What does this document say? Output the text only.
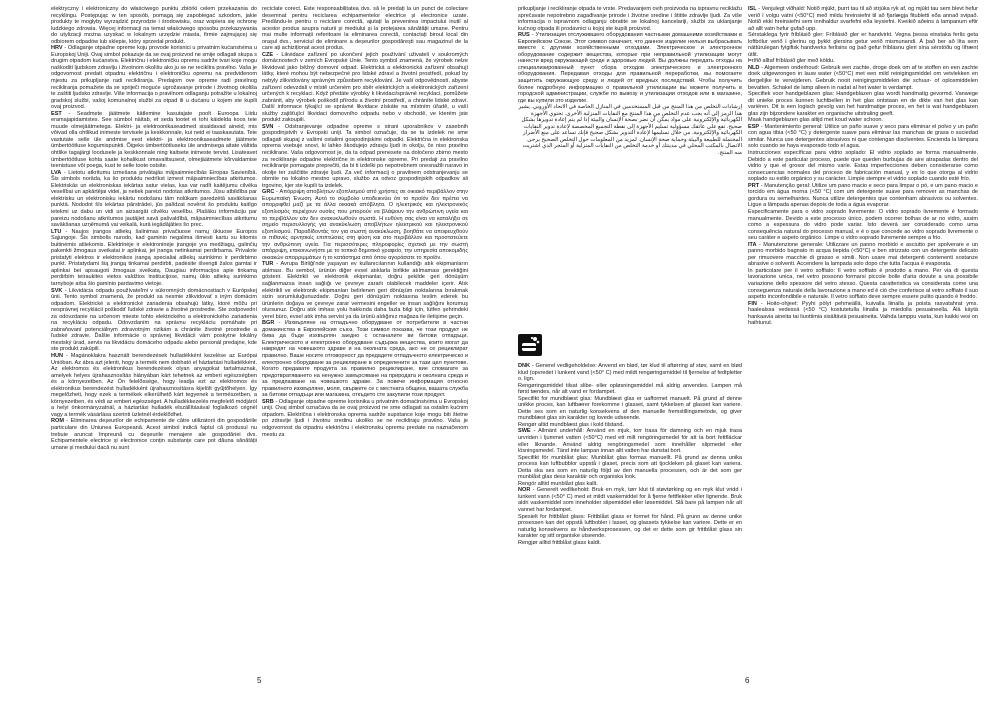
elektryczny i elektroniczny do właściwego punktu zbiórki celem przekazania do recyklingu. Postępując w ten sposób, pomagą się zapobiegać szkodom, jakie produkty te mogłyby wyrządzić przyrodzie i środowisku, oraz wspiera się ochronę ludzkiego zdrowia. Więcej informacji na temat właściwego sposobu przekazywania do utylizacji można uzyskać w lokalnym urzędzie miasta, firmie zajmującej się odbiorem odpadów lub sklepie, który sprzedał produkt.

HRV - Odlaganje otpadne opreme koju provode korisnici u privatnim kućanstvima u Europskoj Uniji. Ovaj simbol pokazuje da se ovaj proizvod ne smije odlagati skupa s drugim otpadom kućanstva. Električnu i elektroničku opremu sadrže tvari koje mogu naškoditi ljudskom zdravlju i životnom okolišu ako ju se ne reciklira pravilno. Vaša je odgovornost predati otpadnu električnu i elektroničku opremu na predviđenom mjestu za prikupljanje radi recikliranja. Predajom ove opreme radi pravilnog recikliranja pomažete da se spriječi moguće ugrožavanje prirode i životnog okoliša te zaštiti ljudsko zdravlje. Više informacija o pravilnom odlaganju potražite u lokalnoj gradskoj službi, vašoj komunalnoj službi za otpad ili u dućanu u kojem ste kupili ovaj proizvod.

EST - Seadmete jäätmete kätlemine kasutajate poolt Euroopa Liidu eramajapidamistes. See sümbol näitab, et seda tootet ei tohi käidelda koos teie muude olmejäätmetega. Elektri- ja elektroonikaseadmed sisaldavad aineid, mis võivad olla ohtlikud inimeste tervisele ja keskkonnale, kui neid ei taaskasutata. Teie vastutate selle üle andmise eest elektri- ja elektroonikaseadmete jäätmete ümbertöötluse kogumispunkti. Õigeks ümbertöötluseks üle andmisega aitate vältida ohtlike tagajärgi loodusele ja keskkonnale ning kaitsete inimeste tervist. Lisateavet ümbertöötluse kohta saate kohalikust omavalitsusest, olmejäätmete kõrvaldamise teenistuse või poega, kust te selle toote ostsite.

LVA - Lietotu atkritumu izmešana privātajās mājsaimniecībās Eiropas Savienībā. Šis simbols norāda, ka šo produktu nedrīkst izmest mājsaimniecības atkritumos. Elektriskās un elektroniskas iekārtas satur vielas, kas var radīt kaitējumu cilvēka veselībai un apkārtējai videi, ja netiek pareizi nodotas atkritumos. Jūsu atbildība par elektrisku un elektronisku iekārtu nodošanu tām nolūkam paredzētā savākšanas punktā. Nododot šīs iekārtas pārstrādei, jūs palīdzat novērst šo produktu kaitīgo ietekmi uz dabu un vidi un aizsargāt cilvēku veselību. Plašāku informāciju par pareizu nodošanu atkritumos jautājiet savā pašvaldībā, mājsaimniecības atkritumu savākšanas uzņēmumā vai veikalā, kurā iegādājāties šo prec.

LTU - Naujos įrangos atliekų šalinimas privačiuose namų ūkiuose Europos Sąjungoje. Šis simbolis nurodo, kad gaminio negalima išmesti kartu su kitomis buitinėmis atliekomis. Elektrinėje ir elektroninėje įrangoje yra medžiagų, galinčių pakenkti žmogaus sveikatai ir aplinkai, jei įranga netinkamai perdirbama. Privalote pristatyti elektros ir elektronikos įrangą specialiai atliekų surinkimo ir perdirbimo punkt. Pristatydami šią įrangą tinkamai perdirbti, padėsite išvengti žalos gamtai ir aplinkai bei apsaugoti žmogaus sveikatą. Daugiau informacijos apie tinkamą perdirbim teiraukitės vietos valdžios institucijose, namų ūkio atliekų surinkimo tarnyboje arba šio gaminio pardavimo vietoje.

SVK - Likvidácia odpadu používateľmi v súkromných domácnostiach v Európskej únii. Tento symbol znamená, že produkt sa nesmie zlikvidovať s iným domácim odpadom. Elektrické a elektronické zariadenia obsahujú látky, ktoré môžu pri nesprávnej recyklácii poškodiť ľudské zdravie a životné prostredie. Ste zodpovední za odovzdanie na určenom mieste tohto elektrického a elektronického zariadenia na recykláciu odpadu. Odovzdaním na správnu recykláciu pomáhate pri zabraňovaní potenciálnym zdravotným rizikám a chránite životné prostredie a ľudské zdravie. Ďalšie informácie o správnej likvidácii vám poskytne lokálny mestský úrad, servis na likvidáciu domáceho odpadu alebo personál predajne, kde ste produkt zakúpili.

HUN - Magánoklakra használt berendezések hulladékként kezelése az Európai Unióban. Az ábra azt jelenti, hogy a termék nem dobható el háztartási hulladékként. Az elektromos és elektronikus berendezések olyan anyagokat tartalmaznak, amelyek helyes újrahasznosítás hiányában kárt tehetnek az emberi egészségben és a környezetben. Az Ön felelőssége, hogy leadja ezt az elektromos és elektronikus berendezést hulladékként újrahasznosításra kijelölt gyűjtőhelyen. Így megelőzheti, hogy ezek a termékek elkerülhető kárt tegyenek a természetben, a környezetben, és védi az emberi egészséget. A hulladékkezelés megfelelő módjáról a helyi önkormányzatnál, a háztartási hulladék elszállításával foglalkozó cégnél vagy a termék vásárlása szerinti üzletnél érdeklődhet.

ROM - Eliminarea deșeurilor de echipamente de către utilizatorii din gospodăriile particulare din Uniunea Europeană. Acest simbol indică faptul că produsul nu trebuie aruncat împreună cu deșeurile menajere ale gospodăriei dvs. Echipamentele electrice și electronice conțin substanțe care pot dăuna sănătății umane și mediului dacă nu sunt

reciclate corect. Este responsabilitatea dvs. să le predați la un punct de colectare desemnat pentru reciclarea echipamentelor electrice și electronice uzate. Predându-le pentru o reciclare corectă, ajutați la prevenirea impactului inutil al acestor produs asupra naturii și mediului și la protejarea sănătății umane. Pentru mai multe informații referitoare la eliminarea corectă, contactați biroul local din orașul dvs., serviciul de eliminare a deșeurilor gospodărești sau magazinul de la care ați achiziționat acest produs.

CZE - Likvidace zařízení po ukončení jejich používání uživateli v soukromých domácnostech v zemích Evropské Unie. Tento symbol znamená, že výrobek nelze likvidovat jako běžný domovní odpad. Elektrická a elektronická zařízení obsahují látky, které mohou být nebezpečné pro lidské zdraví a životní prostředí, pokud by nebyly zlikvidovány správným způsobem recyklování. Je vaší odpovědností, abyste zařízení odevzdali v místě určeném pro sběr elektrických a elektronických zařízení určených k recyklaci. Když předáte výrobky k likvidaci/správné recyklaci, pomůžete zabránit, aby výrobek poškodil přírodu a životní prostředí, a chráníte lidské zdraví. Další informace týkající se správné likvidace získáte na místním úřadě, u vaší služby zajišťující likvidaci domovního odpadu nebo v obchodě, ve kterém jste produkt zakoupili.

SVN - Odstranjevanje odpadne opreme s strani uporabnikov v zasebnih gospodinjstvih v Evropski uniji. Ta simbol označuje, da se ta izdelek ne sme odlagati skupaj z vašimi ostalimi gospodinjskimi odpadki. Električna in elektronska oprema vsebuje snovi, ki lahko škodujejo zdravju ljudi in okolju, če niso pravilno reciklirane. Vaša odgovornost je, da ta odpad prenesete na določeno zbirno mesto za recikliranje odpadne električne in elektronske opreme. Pri predaji za pravilno recikliranje pomagate preprečiti, da bi ti izdelki po nepotrebnem onesnažili naravo in okolje ter zaščitite zdravje ljudi. Za več informacij o pravilnem odstranjevanju se obrnite na lokalno mestno upravo, službo za odvoz gospodinjskih odpadkov ali trgovino, kjer ste kupili ta izdelek.

GRC - Απόρριψη αποβλήτων εξοπλισμού από χρήστες σε οικιακό περιβάλλον στην Ευρωπαϊκή Ένωση. Αυτό το σύμβολο υποδεικνύει ότι το προϊόν δεν πρέπει να απορριφθεί μαζί με τα άλλα οικιακά απόβλητα. Ο ηλεκτρικός και ηλεκτρονικός εξοπλισμός περιέχουν ουσίες που μπορούν να βλάψουν την ανθρώπινη υγεία και το περιβάλλον εάν δεν ανακυκλωθούν σωστά. Η ευθύνη σας είναι να καταλήξει σε σημείο περισυλλογής για ανακύκλωση αποβλήτων ηλεκτρικού και ηλεκτρονικού εξοπλισμού. Παραδίδοντάς τον για σωστή ανακύκλωση, βοηθάτε να αποφευχθούν οι πιθανές αρνητικές επιπτώσεις στη φύση και στο περιβάλλον και προστατεύετε την ανθρώπινη υγεία. Για περισσότερες πληροφορίες σχετικά με την σωστή απόρριψη, επικοινωνήστε με το τοπικό δημοτικό γραφείο, την υπηρεσία αποκομιδής οικιακών απορριμμάτων ή το κατάστημα από όπου αγοράσατε το προϊόν.

TUR - Avrupa Birliği'nde yaşayan ev kullanıcılarının kullandığı atık ekipmanların atılması. Bu sembol, ürünün diğer evsel atıklarla birlikte atılmaması gerektiğini gösterir. Elektrikli ve elektronik ekipmanlar, doğru şekilde geri dönüşüm sağlanmazsa insan sağlığı ve çevreye zararlı olabilecek maddeler içerir. Atık elektrikli ve elektronik ekipmanları belirlenen geri dönüşüm noktalarına bırakmak sizin sorumluluğunuzdadır. Doğru geri dönüşüm noktasına teslim ederek bu ürünlerin doğaya ve çevreye zarar vermesini engeller ve insan sağlığını korumuş olursunuz. Doğru atık imhası yolu hakkında daha fazla bilgi için, lütfen şehrindeki yerel büro, evsel atık imha servisi ya da ürünü aldığınız mağaza ile iletişime geçin.

BGR - Изхвърляне на отпадъчно оборудване от потребители в частни домакинства в Европейския съюз. Този символ показва, че този продукт не бива да бъде изхвърлян заедно с останалите ви битови отпадъци. Електрическото и електронно оборудване съдържа вещества, които могат да навредят на човешкото здраве и на околната среда, ако не се рециклират правилно. Ваше носите отговорност да предадете отпадъчното електрическо и електронно оборудване за рециклиране в определените за тази цел пунктове. Когато предавате продукта за правилно рециклиране, вие спомагате за предотвратяването на ненужно замърсяване на природата и околната среда и за предпазване на човешкото здраве. За повече информация относно правилното изхвърляне, моля, свържете се с местната община, вашата служба за битови отпадъци или магазина, откъдето сте закупили този продукт.

SRB - Odlaganje otpadne opreme korisnika u privatnim domaćinstvima u Evropskoj uniji. Ovaj simbol označava da se ovaj proizvod ne sme odlagati sa ostalim kućnim otpadom. Električna i elektronska oprema sadrže supstance koje mogu biti štetne po zdravlje ljudi i životnu sredinu ukoliko se ne recikliraju pravilno. Vaša je odgovornost da otpadnu električnu i elektronsku opremu predate na naznačenom mestu za

5

prikupljanje i recikliranje otpada te vrste. Predavanjem ovih proizvoda na ispravnu reciklažu sprečavate nepotrebno zagađivanje prirode i životne sredine i štitite zdravlje ljudi. Za više informacija o ispravnom odlaganju obratite se lokalnoj kancelariji, službi za uklanjanje kućnog otpada ili prodavnici u kojoj ste kupili proizvod.

RUS - Утилизация отслужившего оборудования частными домашними хозяйствами в Европейском Союзе. Этот символ означает, что данное изделие нельзя выбрасывать вместе с другими хозяйственными отходами. Электрическое и электронное оборудование содержит вещества, которые при неправильной утилизации могут нанести вред окружающей среде и здоровью людей. Вы должны передать отходы на специализированный пункт сбора отходов электрического и электронного оборудования. Передавая отходы для правильной переработки, вы помогаете защитить окружающую среду и людей от вредных последствий. Чтобы получить более подробную информацию о правильной утилизации вы можете получить в городской администрации, службе по вывозу и утилизации отходов или в магазине, где вы купили это изделие.

إرشادات التخلص من هذا المنتج من قبل المستخدمين في المنازل الخاصة في الاتحاد الأوروبي. يشير هذا الرمز إلى أنه يجب عدم التخلص من هذا المنتج مع النفايات المنزلية الأخرى. تحتوي الأجهزة الكهربائية والإلكترونية على مواد يمكن أن تضر بصحة الإنسان والبيئة إذا لم يتم إعادة تدويرها بشكل صحيح. تقع على عاتقك مسؤولية تسليم الأجهزة إلى نقطة التجميع المخصصة لإعادة تدوير النفايات الكهربائية والإلكترونية. من خلال تسليمها لإعادة التدوير بشكل صحيح فإنك تساعد على منع الأضرار المحتملة للطبيعة والبيئة وحماية صحة الإنسان. لمزيد من المعلومات حول التخلص الصحيح يرجى الاتصال بالمكتب المحلي في مدينتك أو خدمة التخلص من النفايات المنزلية أو المتجر الذي اشتريت منه المنتج.

DNK - Generel vedligeholdelse: Anvend en blød, tør klud til aftørring af støv, samt en blød klud (opvredet i lunkent vand (<50° C) med mildt rengøringsmiddel til fjernelse af fedtpletter o. lign.

Rengøringsmiddel tilsat slibe- eller opløsningsmiddel må aldrig anvendes. Lampen må først tændes, når alt vand er fordampet.

Specifikt for mundblæst glas: Mundblæst glas er uafformet manuelt. På grund af denne unikke proces, kan luftbærer forekomme i glasset, samt tykkelsen af glasset kan variere. Dette ses som en naturlig konsekvens af den manuelle fremstillingsmetode, og giver mundblæst glas sin karakter og lovede udseende.

Rengør altid mundblæst glas i kold tilstand.

SWE - Allmänt underhåll: Använd en mjuk, torr trasa för damning och en mjuk trasa urvriden i ljummet vatten (<50°C) med ett milt rengöringsmedel för att ta bort fettfläckar eller liknande. Använd aldrig rengöringsmedel som innehåller slipmedel eller lösningsmedel. Tänd inte lampan innan allt vatten har dunstat bort.

Specifikt för munblåst glas: Munblåst glas formas manuellt. På grund av denna unika process kan luftbubblor uppstå i glaset, precis som att tjockleken på glaset kan variera. Detta ska ses som en naturlig följd av den manuella processen, och är det som ger munblåst glas dess karaktär och organiska look.

Rengör alltid munblåst glas kallt.

NOR - Generelt vedlikehold: Bruk en myk, tørr klut til støvtørking og en myk klut vridd i lunkent vann (<50° C) med et mildt vaskemiddel for å fjerne fettflekker eller lignende. Bruk aldri vaskemiddel som inneholder slipemiddel eller løsemiddel. Slå bare på lampen når alt vannet har fordampet.

Spesielt for frittblåst glass: Frittblåst glass er formet for hånd. På grunn av denne unike prosessen kan det oppstå luftbobler i lasset, og glassets tykkelse kan variere. Dette er en naturlig konsekvens av håndverksprosessen, og det er dette som gir frittblåst glass sin karakter og sitt organiske utseende.

Rengjør alltid frittblåst glass kaldt.

ISL - Venjulegt viðhald: Notið mjúkt, þurrt tau til að strjúka ryk af, og mjúkt tau sem blevt hefur verið í volgu vatni (<50°C) með mildu hreinsiefni til að fjarlægja fitubletti eða annað svipað. Notið ekki hreinsiefni sem innihaldur svarfefni eða leysiefni. Kveikið aðeins á lampanum eftir að allt vatn hefur gufað upp.

Sérstaklega fyrir fríblásið gler: Fríblásið gler er handvirkt. Vegna þessa einstaka ferlis geta loftbólur verið í glerinu og þykkt glersins getur verið mismunandi. Á það ber að líta sem náttúrulegan fylgifisk handverks ferlisins og það gefur fríblásnu gleri sína sérstöðu og lífrænt útlit.

Þrífið alltaf fríblásið gler með köldu.

NLD - Algemeen onderhoud: Gebruik een zachte, droge doek om af te stoffen en een zachte doek uitgewrongen in lauw water (<50°C) met een mild reinigingsmiddel om vetvlekken en dergelijke te verwijderen. Gebruik nooit reinigingsmiddelen die schuur- of oplosmiddelen bevatten. Schakel de lamp alleen in nadat al het water is verdampt.

Specifiek voor handgeblazen glas: Handgeblazen glas wordt handmatig gevormd. Vanwege dit unieke proces kunnen luchtbellen in het glas ontstaan en de dikte van het glas kan variëren. Dit is een logisch gevolg van het handmatige proces, en het is wat handgeblazen glas zijn bijzondere karakter en organische uitstraling geeft.

Maak handgeblazen glas altijd met koud water schoon.

ESP - Mantenimiento general: Utilice un paño suave y seco para eliminar el polvo y un paño con agua tibia (<50 °C) y detergente suave para eliminar las manchas de grasa o suciedad similar. Nunca use detergentes abrasivos ni que contengan disolventes. Encienda la lámpara solo cuando se haya evaporado todo el agua.

Instrucciones específicas para vidrio soplado: El vidrio soplado se forma manualmente. Debido a este particular proceso, puede que queden burbujas de aire atrapadas dentro del vidrio y que el grosor del mismo varíe. Estas imperfecciones deben considerarse como consecuencias normales del proceso de fabricación manual, y es lo que otorga al vidrio soplado su estilo orgánico y su carácter. Limpie siempre el vidrio soplado cuando esté frío.

PRT - Manutenção geral: Utilize um pano macio e seco para limpar o pó, e um pano macio e torcido em água morna (<50 °C) com um detergente suave para remover as manchas de gordura ou semelhantes. Nunca utilize detergentes que contenham abrasivos ou solventes. Ligue a lâmpada apenas depois de toda a água evaporar.

Especificamente para o vidro soprado livremente: O vidro soprado livremente é formado manualmente. Devido a este processo único, podem ocorrer bolhas de ar no vidro, assim como a espessura do vidro pode variar. Isto deverá ser considerado como uma consequência natural do processo manual, e é o que concede ao vidro soprado livremente o seu caráter e aspeto orgânico. Limpe o vidro soprado livremente sempre a frio.

ITA - Manutenzione generale: Utilizzare un panno morbido e asciutto per spolverare e un panno morbido bagnato in acqua tiepida (<50°C) e ben strizzato con un detergente delicato per rimuovere macchie di grasso e simili. Non usare mai detergenti contenenti sostanze abrasive o solventi. Accendere la lampada solo dopo che tutta l'acqua è evaporata.

In particolare per il vetro soffiato: Il vetro soffiato è prodotto a mano. Per via di questa lavorazione unica, nel vetro possono formarsi piccole bolle d'aria dovute a una possibile variazione dello spessore del vetro stesso. Questa caratteristica va considerata come una conseguenza naturale della lavorazione a mano ed è ciò che conferisce al vetro soffiato il suo aspetto inconfondibile e naturale. Il vetro soffiato deve sempre essere pulito quando è freddo.

FIN - Hoito-ohjeet: Pyyhi pölyt pehmeällä, kuivalla liinalla ja poista rasvatahrat yms. haalealssa vedessä (<50 °C) kostutetulla liinalla ja miedolla pesuaineella. Älä käytä hankaavia aineita tai liuottimia sisältäviä pesuaineita. Vaihda lamppu vasta, kun kaikki vesi on haihtunut.

6
